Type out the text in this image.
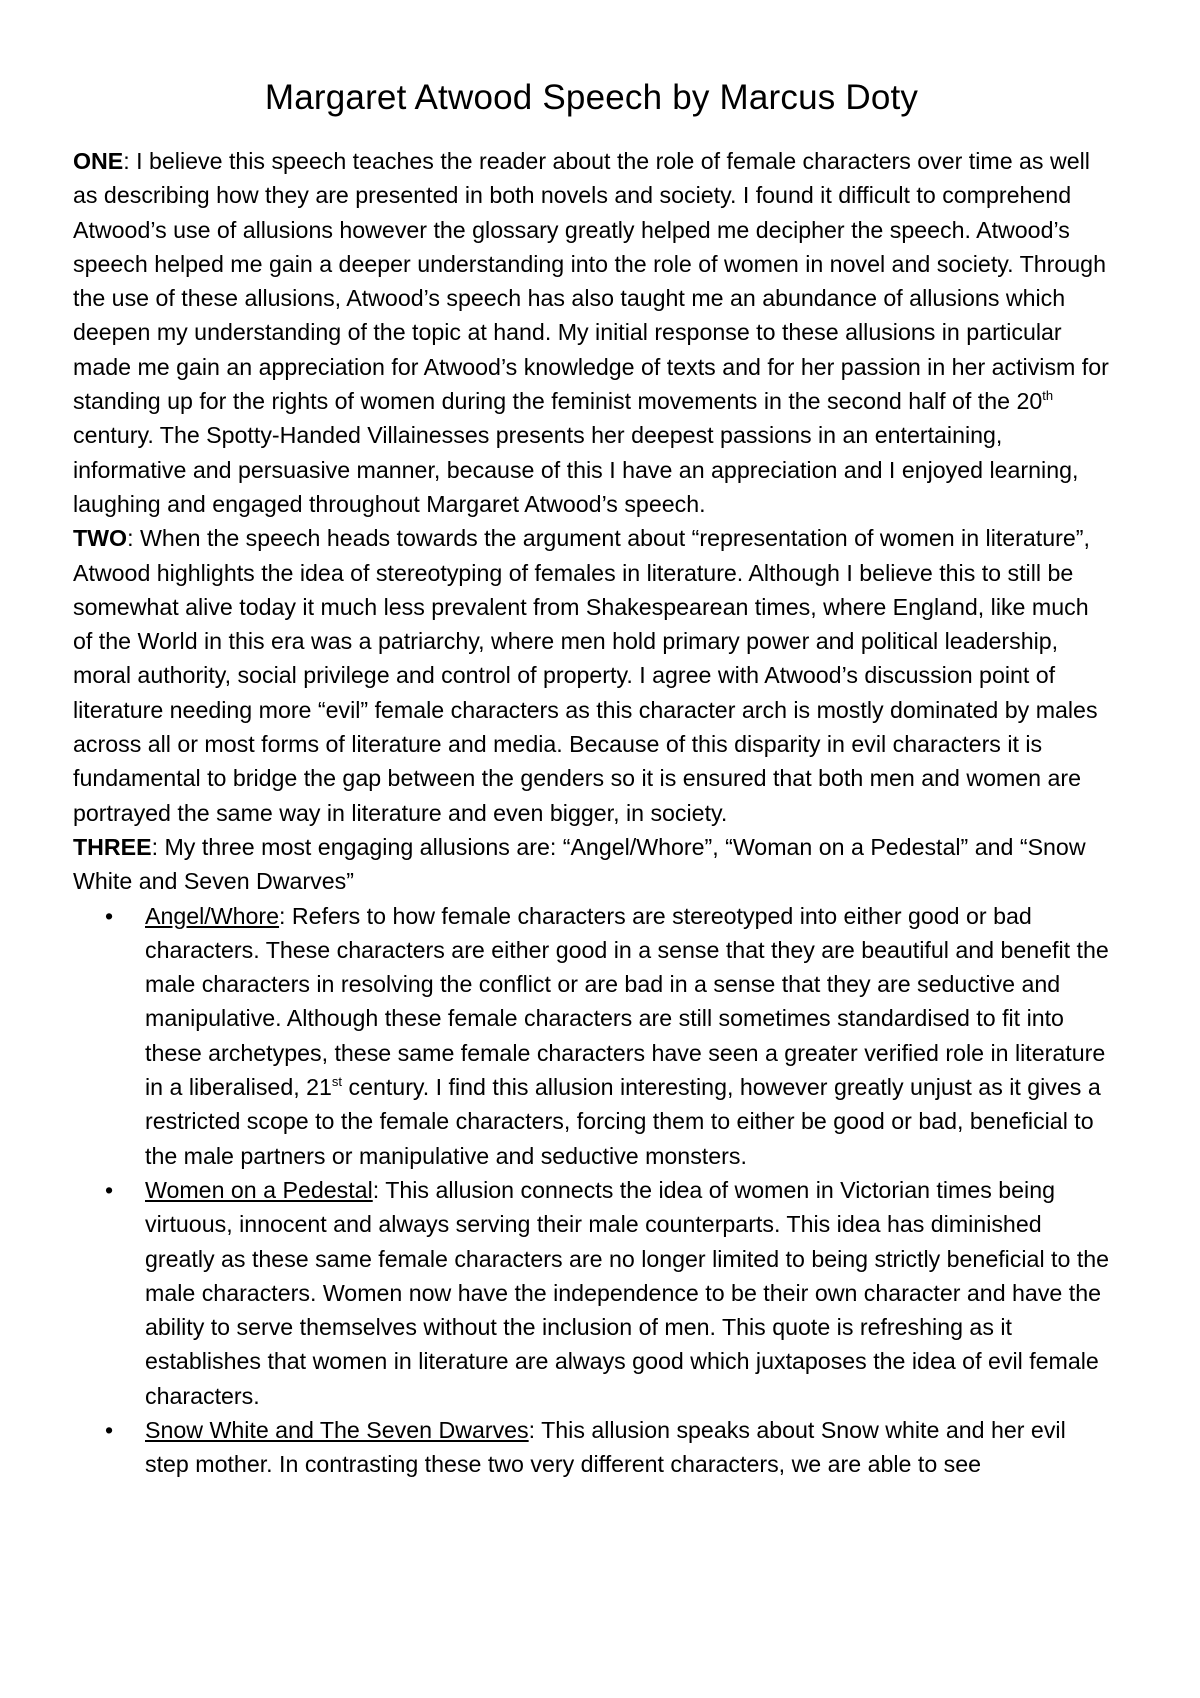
Margaret Atwood Speech by Marcus Doty

ONE: I believe this speech teaches the reader about the role of female characters over time as well as describing how they are presented in both novels and society. I found it difficult to comprehend Atwood’s use of allusions however the glossary greatly helped me decipher the speech. Atwood’s speech helped me gain a deeper understanding into the role of women in novel and society. Through the use of these allusions, Atwood’s speech has also taught me an abundance of allusions which deepen my understanding of the topic at hand. My initial response to these allusions in particular made me gain an appreciation for Atwood’s knowledge of texts and for her passion in her activism for standing up for the rights of women during the feminist movements in the second half of the 20th century. The Spotty-Handed Villainesses presents her deepest passions in an entertaining, informative and persuasive manner, because of this I have an appreciation and I enjoyed learning, laughing and engaged throughout Margaret Atwood’s speech.

TWO: When the speech heads towards the argument about “representation of women in literature”, Atwood highlights the idea of stereotyping of females in literature. Although I believe this to still be somewhat alive today it much less prevalent from Shakespearean times, where England, like much of the World in this era was a patriarchy, where men hold primary power and political leadership, moral authority, social privilege and control of property. I agree with Atwood’s discussion point of literature needing more “evil” female characters as this character arch is mostly dominated by males across all or most forms of literature and media. Because of this disparity in evil characters it is fundamental to bridge the gap between the genders so it is ensured that both men and women are portrayed the same way in literature and even bigger, in society.

THREE: My three most engaging allusions are: “Angel/Whore”, “Woman on a Pedestal” and “Snow White and Seven Dwarves”

• Angel/Whore: Refers to how female characters are stereotyped into either good or bad characters. These characters are either good in a sense that they are beautiful and benefit the male characters in resolving the conflict or are bad in a sense that they are seductive and manipulative. Although these female characters are still sometimes standardised to fit into these archetypes, these same female characters have seen a greater verified role in literature in a liberalised, 21st century. I find this allusion interesting, however greatly unjust as it gives a restricted scope to the female characters, forcing them to either be good or bad, beneficial to the male partners or manipulative and seductive monsters.
• Women on a Pedestal: This allusion connects the idea of women in Victorian times being virtuous, innocent and always serving their male counterparts. This idea has diminished greatly as these same female characters are no longer limited to being strictly beneficial to the male characters. Women now have the independence to be their own character and have the ability to serve themselves without the inclusion of men. This quote is refreshing as it establishes that women in literature are always good which juxtaposes the idea of evil female characters.
• Snow White and The Seven Dwarves: This allusion speaks about Snow white and her evil step mother. In contrasting these two very different characters, we are able to see
